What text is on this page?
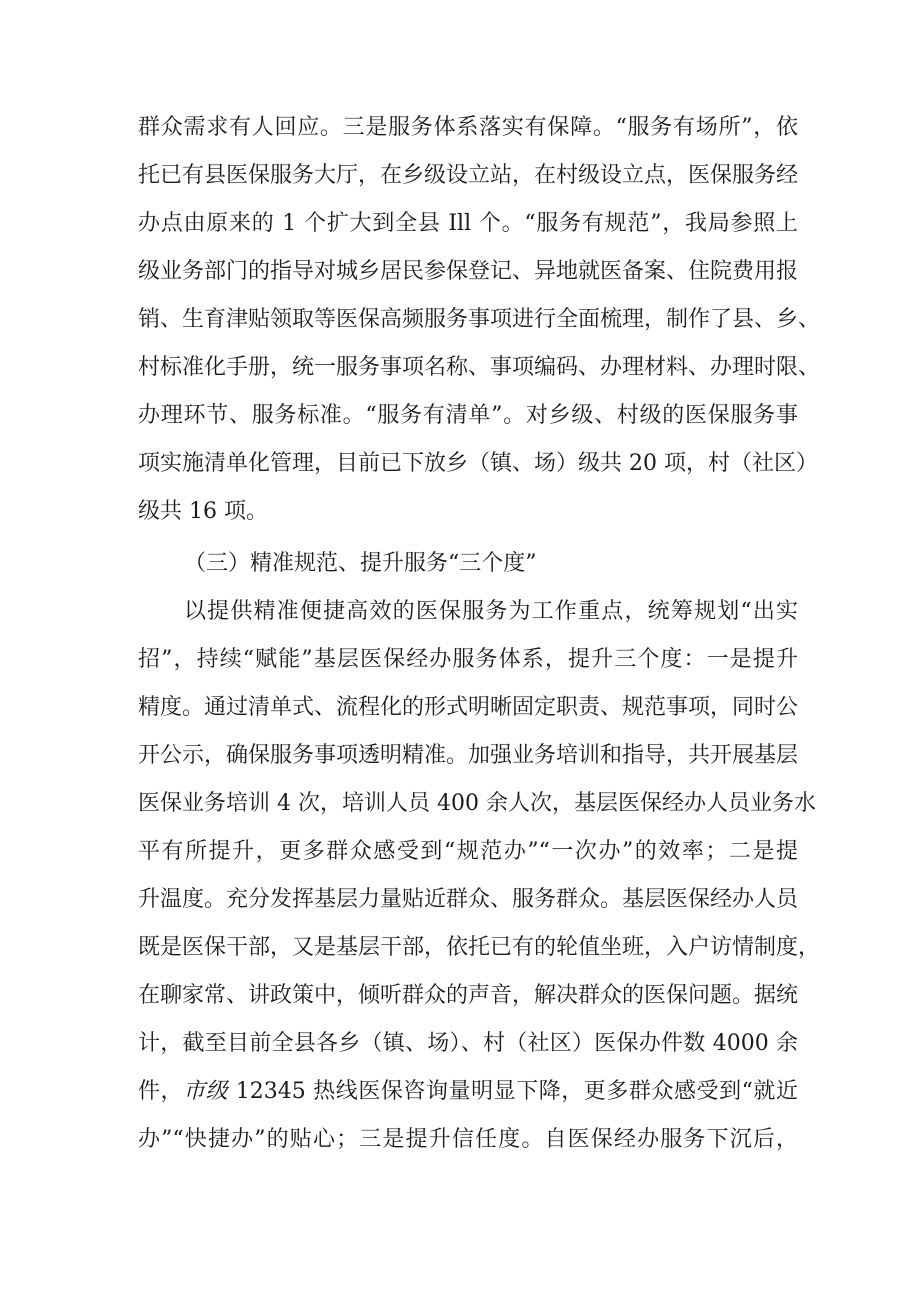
群众需求有人回应。三是服务体系落实有保障。“服务有场所”，依
托已有县医保服务大厅，在乡级设立站，在村级设立点，医保服务经
办点由原来的 1 个扩大到全县 Ill 个。“服务有规范”，我局参照上
级业务部门的指导对城乡居民参保登记、异地就医备案、住院费用报
销、生育津贴领取等医保高频服务事项进行全面梳理，制作了县、乡、
村标准化手册，统一服务事项名称、事项编码、办理材料、办理时限、
办理环节、服务标准。“服务有清单”。对乡级、村级的医保服务事
项实施清单化管理，目前已下放乡（镇、场）级共 20 项，村（社区）
级共 16 项。
（三）精准规范、提升服务“三个度”
以提供精准便捷高效的医保服务为工作重点，统筹规划“出实
招”，持续“赋能”基层医保经办服务体系，提升三个度：一是提升
精度。通过清单式、流程化的形式明晰固定职责、规范事项，同时公
开公示，确保服务事项透明精准。加强业务培训和指导，共开展基层
医保业务培训 4 次，培训人员 400 余人次，基层医保经办人员业务水
平有所提升，更多群众感受到“规范办”“一次办”的效率；二是提
升温度。充分发挥基层力量贴近群众、服务群众。基层医保经办人员
既是医保干部，又是基层干部，依托已有的轮值坐班，入户访情制度，
在聊家常、讲政策中，倾听群众的声音，解决群众的医保问题。据统
计，截至目前全县各乡（镇、场）、村（社区）医保办件数 4000 余
件，市级 12345 热线医保咨询量明显下降，更多群众感受到“就近
办”“快捷办”的贴心；三是提升信任度。自医保经办服务下沉后，
